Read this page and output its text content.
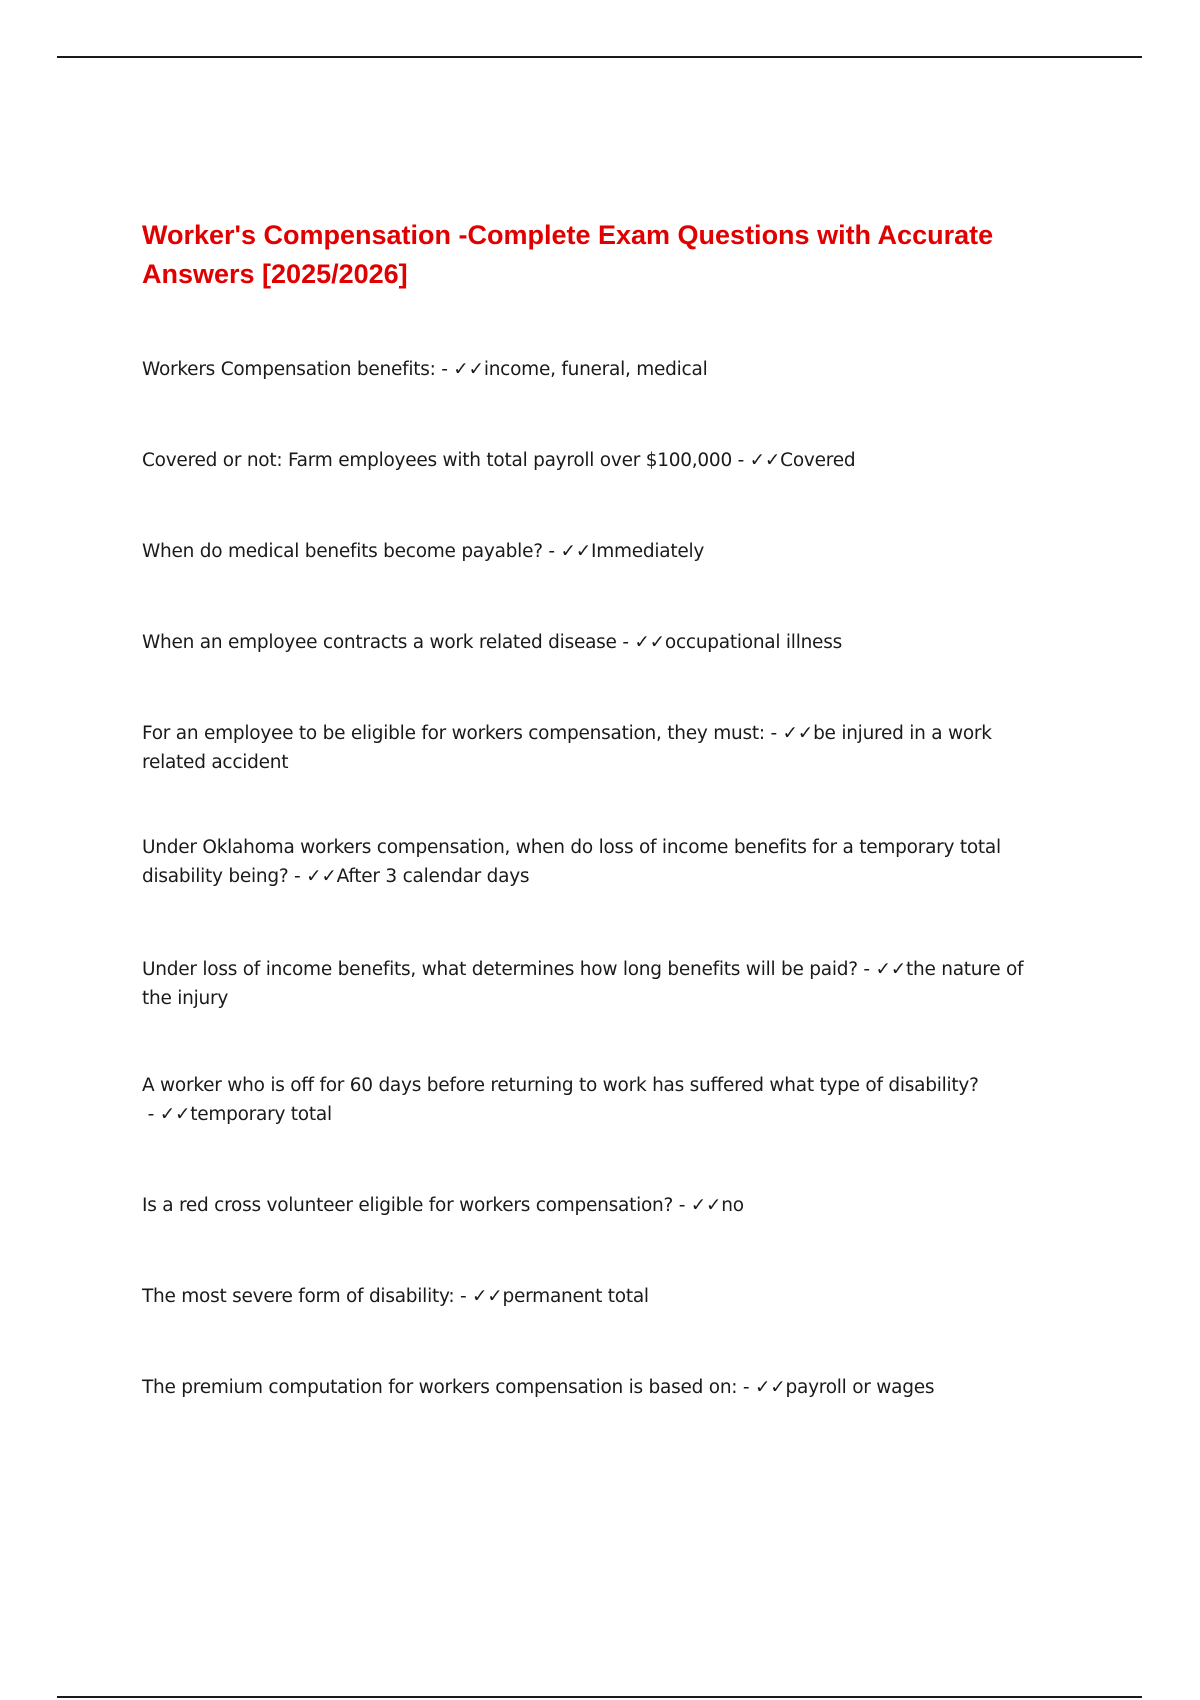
Worker's Compensation -Complete Exam Questions with Accurate Answers [2025/2026]
Workers Compensation benefits: - ✓✓income, funeral, medical
Covered or not: Farm employees with total payroll over $100,000 - ✓✓Covered
When do medical benefits become payable? - ✓✓Immediately
When an employee contracts a work related disease - ✓✓occupational illness
For an employee to be eligible for workers compensation, they must: - ✓✓be injured in a work related accident
Under Oklahoma workers compensation, when do loss of income benefits for a temporary total disability being? - ✓✓After 3 calendar days
Under loss of income benefits, what determines how long benefits will be paid? - ✓✓the nature of the injury
A worker who is off for 60 days before returning to work has suffered what type of disability? - ✓✓temporary total
Is a red cross volunteer eligible for workers compensation? - ✓✓no
The most severe form of disability: - ✓✓permanent total
The premium computation for workers compensation is based on: - ✓✓payroll or wages
